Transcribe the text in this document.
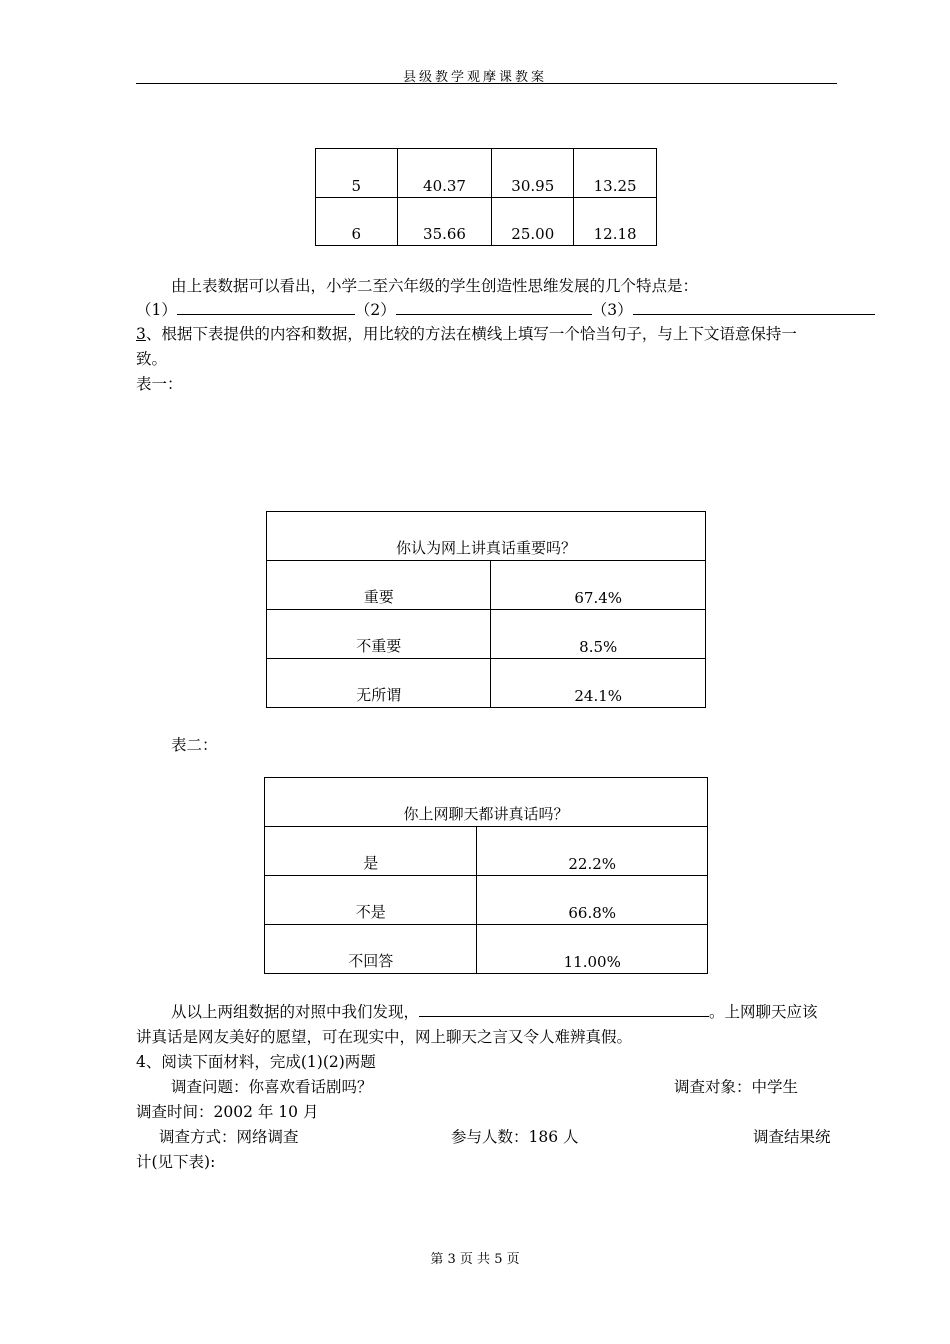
县级教学观摩课教案
5	40.37	30.95	13.25
6	35.66	25.00	12.18
由上表数据可以看出，小学二至六年级的学生创造性思维发展的几个特点是：
（1）	（2）	（3）
3、根据下表提供的内容和数据，用比较的方法在横线上填写一个恰当句子，与上下文语意保持一
致。
表一：
你认为网上讲真话重要吗？	
重要	67.4%
不重要	8.5%
无所谓	24.1%
表二：
你上网聊天都讲真话吗？	
是	22.2%
不是	66.8%
不回答	11.00%
从以上两组数据的对照中我们发现，	。上网聊天应该
讲真话是网友美好的愿望，可在现实中，网上聊天之言又令人难辨真假。
4、阅读下面材料，完成(1)(2)两题
调查问题：你喜欢看话剧吗？	调查对象：中学生
调查时间：2002 年 10 月
调查方式：网络调查	参与人数：186 人	调查结果统
计(见下表):
第 3 页 共 5 页
